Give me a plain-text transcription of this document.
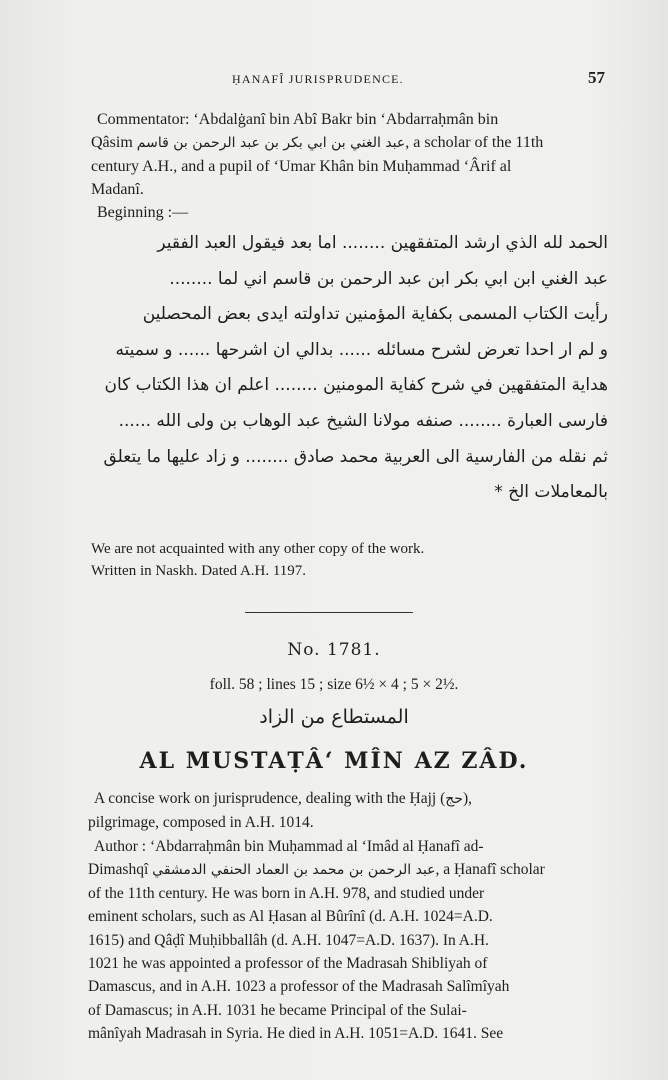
ḤANAFÎ JURISPRUDENCE.	57

Commentator: ‘Abdalġanî bin Abî Bakr bin ‘Abdarraḥmân bin
Qâsim عبد الغني بن ابي بكر بن عبد الرحمن بن قاسم, a scholar of the 11th
century A.H., and a pupil of ‘Umar Khân bin Muḥammad ‘Ârif al
Madanî.

Beginning :—

الحمد لله الذي ارشد المتفقهين ........ اما بعد فيقول العبد الفقير

عبد الغني ابن ابي بكر ابن عبد الرحمن بن قاسم اني لما ........

رأيت الكتاب المسمى بكفاية المؤمنين تداولته ايدى بعض المحصلين

و لم ار احدا تعرض لشرح مسائله ...... بدالي ان اشرحها ...... و سميته

هداية المتفقهين في شرح كفاية المومنين ........ اعلم ان هذا الكتاب كان

فارسى العبارة ........ صنفه مولانا الشيخ عبد الوهاب بن ولى الله ......

ثم نقله من الفارسية الى العربية محمد صادق ........ و زاد عليها ما يتعلق

بالمعاملات الخ *

We are not acquainted with any other copy of the work.

Written in Naskh. Dated A.H. 1197.

No. 1781.
foll. 58 ; lines 15 ; size 6½ × 4 ; 5 × 2½.
المستطاع من الزاد
AL MUSTAṬÂ‘ MÎN AZ ZÂD.

A concise work on jurisprudence, dealing with the Ḥajj (حج),
pilgrimage, composed in A.H. 1014.

Author : ‘Abdarraḥmân bin Muḥammad al ‘Imâd al Ḥanafî ad-
Dimashqî عبد الرحمن بن محمد بن العماد الحنفي الدمشقي, a Ḥanafî scholar
of the 11th century. He was born in A.H. 978, and studied under
eminent scholars, such as Al Ḥasan al Bûrînî (d. A.H. 1024=A.D.
1615) and Qâḍî Muḥibballâh (d. A.H. 1047=A.D. 1637). In A.H.
1021 he was appointed a professor of the Madrasah Shibliyah of
Damascus, and in A.H. 1023 a professor of the Madrasah Salîmîyah
of Damascus; in A.H. 1031 he became Principal of the Sulai-
mânîyah Madrasah in Syria. He died in A.H. 1051=A.D. 1641. See
